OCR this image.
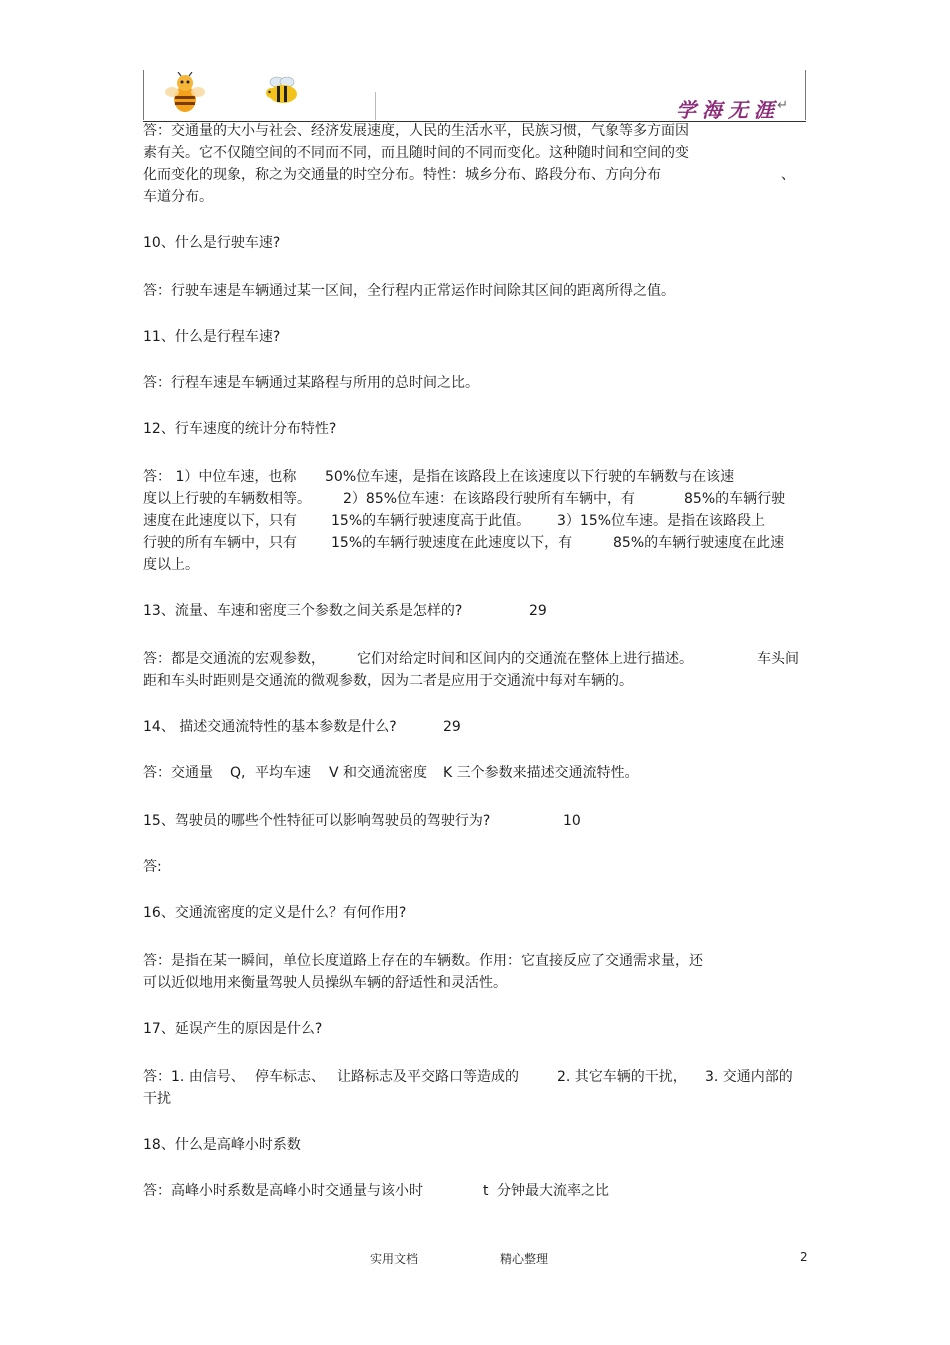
学海无涯
↵
答：交通量的大小与社会、经济发展速度，人民的生活水平，民族习惯，气象等多方面因
素有关。它不仅随空间的不同而不同，而且随时间的不同而变化。这种随时间和空间的变
化而变化的现象，称之为交通量的时空分布。特性：城乡分布、路段分布、方向分布	、
车道分布。
10、什么是行驶车速?
答：行驶车速是车辆通过某一区间，全行程内正常运作时间除其区间的距离所得之值。
11、什么是行程车速?
答：行程车速是车辆通过某路程与所用的总时间之比。
12、行车速度的统计分布特性?
答： 1）中位车速，也称 50%位车速，是指在该路段上在该速度以下行驶的车辆数与在该速
度以上行驶的车辆数相等。 2）85%位车速：在该路段行驶所有车辆中，有	85%的车辆行驶
速度在此速度以下，只有 15%的车辆行驶速度高于此值。 3）15%位车速。是指在该路段上
行驶的所有车辆中，只有 15%的车辆行驶速度在此速度以下，有	85%的车辆行驶速度在此速
度以上。
13、流量、车速和密度三个参数之间关系是怎样的?	29
答：都是交通流的宏观参数， 它们对给定时间和区间内的交通流在整体上进行描述。	车头间
距和车头时距则是交通流的微观参数，因为二者是应用于交通流中每对车辆的。
14、 描述交通流特性的基本参数是什么?	29
答：交通量 Q, 平均车速 V 和交通流密度 K 三个参数来描述交通流特性。
15、驾驶员的哪些个性特征可以影响驾驶员的驾驶行为?	10
答:
16、交通流密度的定义是什么？有何作用?
答：是指在某一瞬间，单位长度道路上存在的车辆数。作用：它直接反应了交通需求量，还
可以近似地用来衡量驾驶人员操纵车辆的舒适性和灵活性。
17、延误产生的原因是什么?
答：1. 由信号、 停车标志、 让路标志及平交路口等造成的	2. 其它车辆的干扰， 3. 交通内部的
干扰
18、什么是高峰小时系数
答：高峰小时系数是高峰小时交通量与该小时	t 分钟最大流率之比
实用文档	精心整理	2
